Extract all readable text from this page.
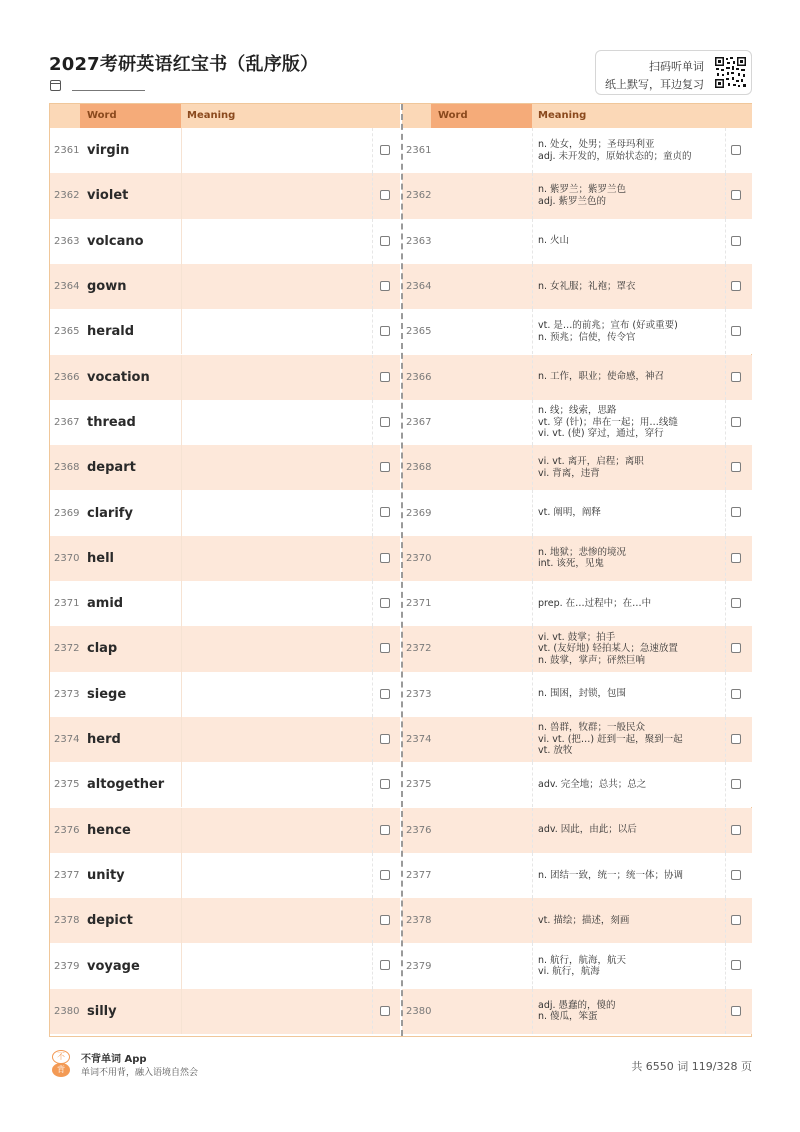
2027考研英语红宝书（乱序版）	扫码听单词
纸上默写，耳边复习
Word	Meaning	Word	Meaning
2361 virgin	2361
n. 处女，处男；圣母玛利亚
adj. 未开发的，原始状态的；童贞的
2362 violet	2362
n. 紫罗兰；紫罗兰色
adj. 紫罗兰色的
2363 volcano	2363	n. 火山
2364 gown	2364	n. 女礼服；礼袍；罩衣
2365 herald	2365
vt. 是…的前兆；宣布 (好或重要)
n. 预兆；信使，传令官
2366 vocation	2366	n. 工作，职业；使命感，神召
2367 thread	2367
n. 线；线索，思路
vt. 穿 (针)；串在一起；用…线缝
vi. vt. (使) 穿过，通过，穿行
2368 depart	2368
vi. vt. 离开，启程；离职
vi. 背离，违背
2369 clarify	2369	vt. 阐明，阐释
2370 hell	2370
n. 地狱；悲惨的境况
int. 该死，见鬼
2371 amid	2371	prep. 在…过程中；在…中
2372 clap	2372
vi. vt. 鼓掌；拍手
vt. (友好地) 轻拍某人；急速放置
n. 鼓掌，掌声；砰然巨响
2373 siege	2373	n. 围困，封锁，包围
2374 herd	2374
n. 兽群，牧群；一般民众
vi. vt. (把…) 赶到一起，聚到一起
vt. 放牧
2375 altogether	2375	adv. 完全地；总共；总之
2376 hence	2376	adv. 因此，由此；以后
2377 unity	2377	n. 团结一致，统一；统一体；协调
2378 depict	2378	vt. 描绘；描述，刻画
2379 voyage	2379
n. 航行，航海，航天
vi. 航行，航海
2380 silly	2380
adj. 愚蠢的，傻的
n. 傻瓜，笨蛋
不
背
不背单词 App
单词不用背，融入语境自然会	共 6550 词 119/328 页
